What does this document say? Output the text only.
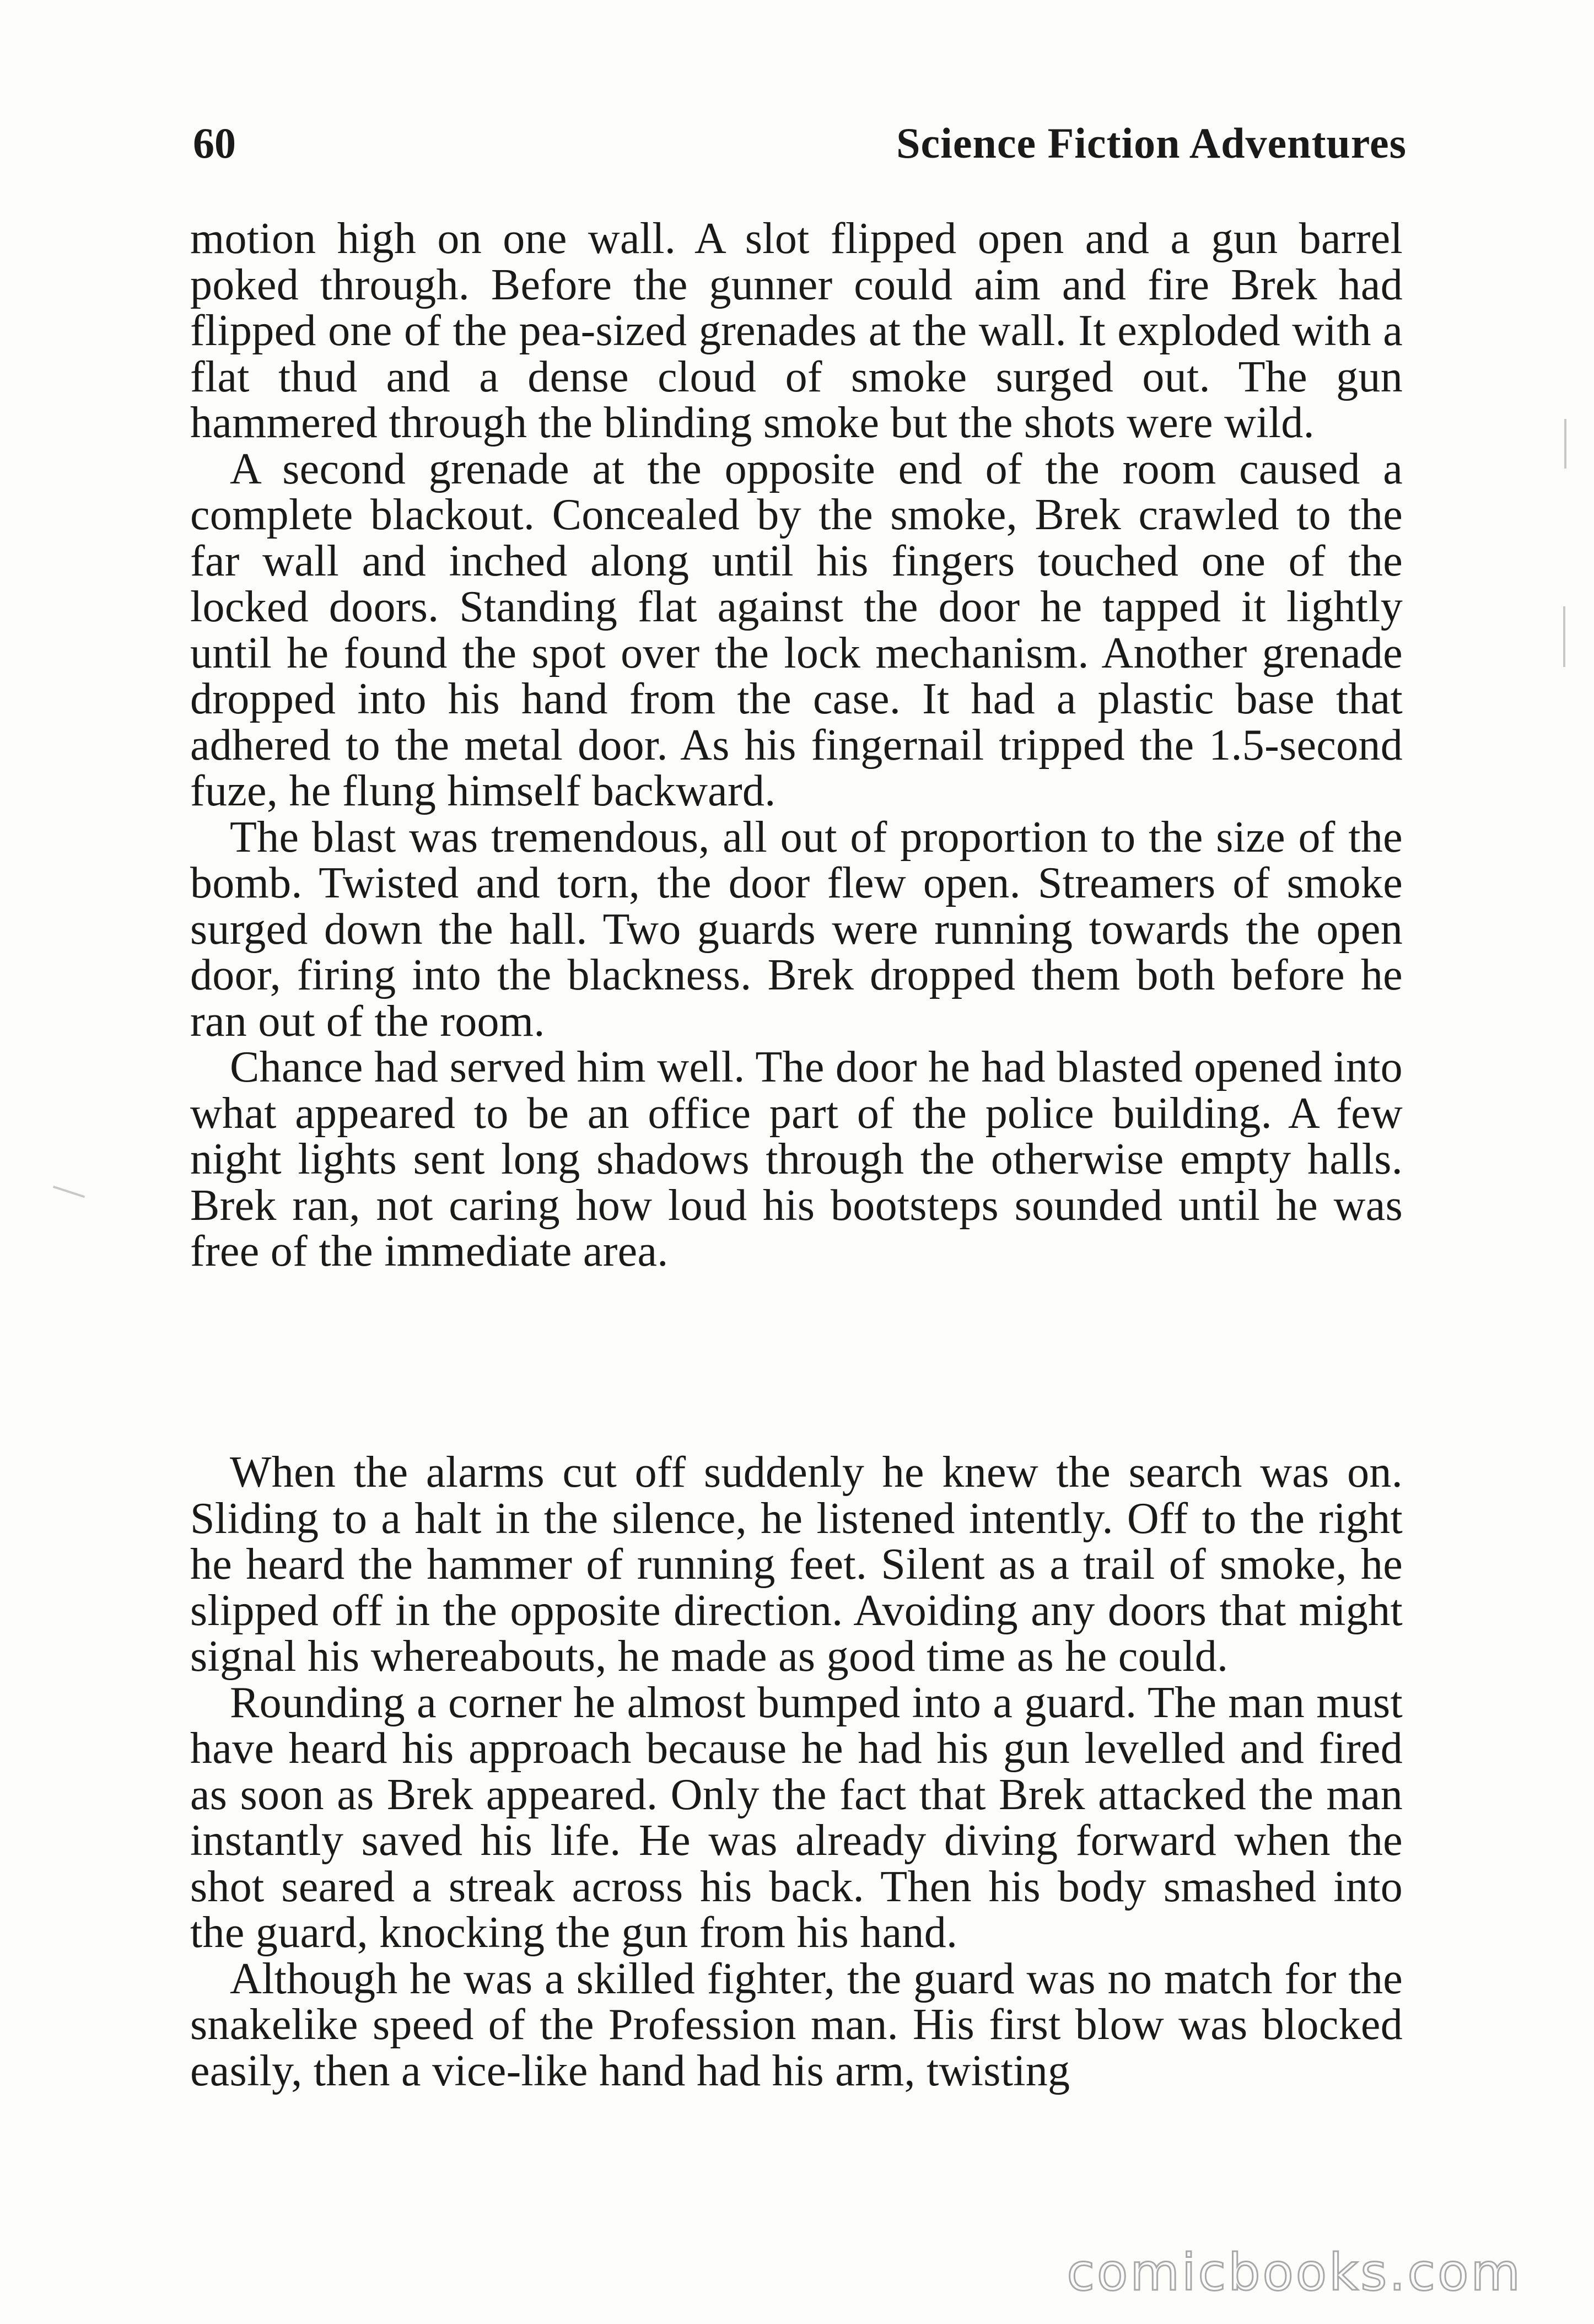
60	Science Fiction Adventures

motion high on one wall. A slot flipped open and a gun barrel poked through. Before the gunner could aim and fire Brek had flipped one of the pea-sized grenades at the wall. It exploded with a flat thud and a dense cloud of smoke surged out. The gun hammered through the blinding smoke but the shots were wild.

A second grenade at the opposite end of the room caused a complete blackout. Concealed by the smoke, Brek crawled to the far wall and inched along until his fingers touched one of the locked doors. Standing flat against the door he tapped it lightly until he found the spot over the lock mechanism. Another grenade dropped into his hand from the case. It had a plastic base that adhered to the metal door. As his fingernail tripped the 1.5-second fuze, he flung himself backward.

The blast was tremendous, all out of proportion to the size of the bomb. Twisted and torn, the door flew open. Streamers of smoke surged down the hall. Two guards were running towards the open door, firing into the blackness. Brek dropped them both before he ran out of the room.

Chance had served him well. The door he had blasted opened into what appeared to be an office part of the police building. A few night lights sent long shadows through the otherwise empty halls. Brek ran, not caring how loud his bootsteps sounded until he was free of the immediate area.

When the alarms cut off suddenly he knew the search was on. Sliding to a halt in the silence, he listened intently. Off to the right he heard the hammer of running feet. Silent as a trail of smoke, he slipped off in the opposite direction. Avoiding any doors that might signal his whereabouts, he made as good time as he could.

Rounding a corner he almost bumped into a guard. The man must have heard his approach because he had his gun levelled and fired as soon as Brek appeared. Only the fact that Brek attacked the man instantly saved his life. He was already diving forward when the shot seared a streak across his back. Then his body smashed into the guard, knocking the gun from his hand.

Although he was a skilled fighter, the guard was no match for the snakelike speed of the Profession man. His first blow was blocked easily, then a vice-like hand had his arm, twisting

comicbooks.com
